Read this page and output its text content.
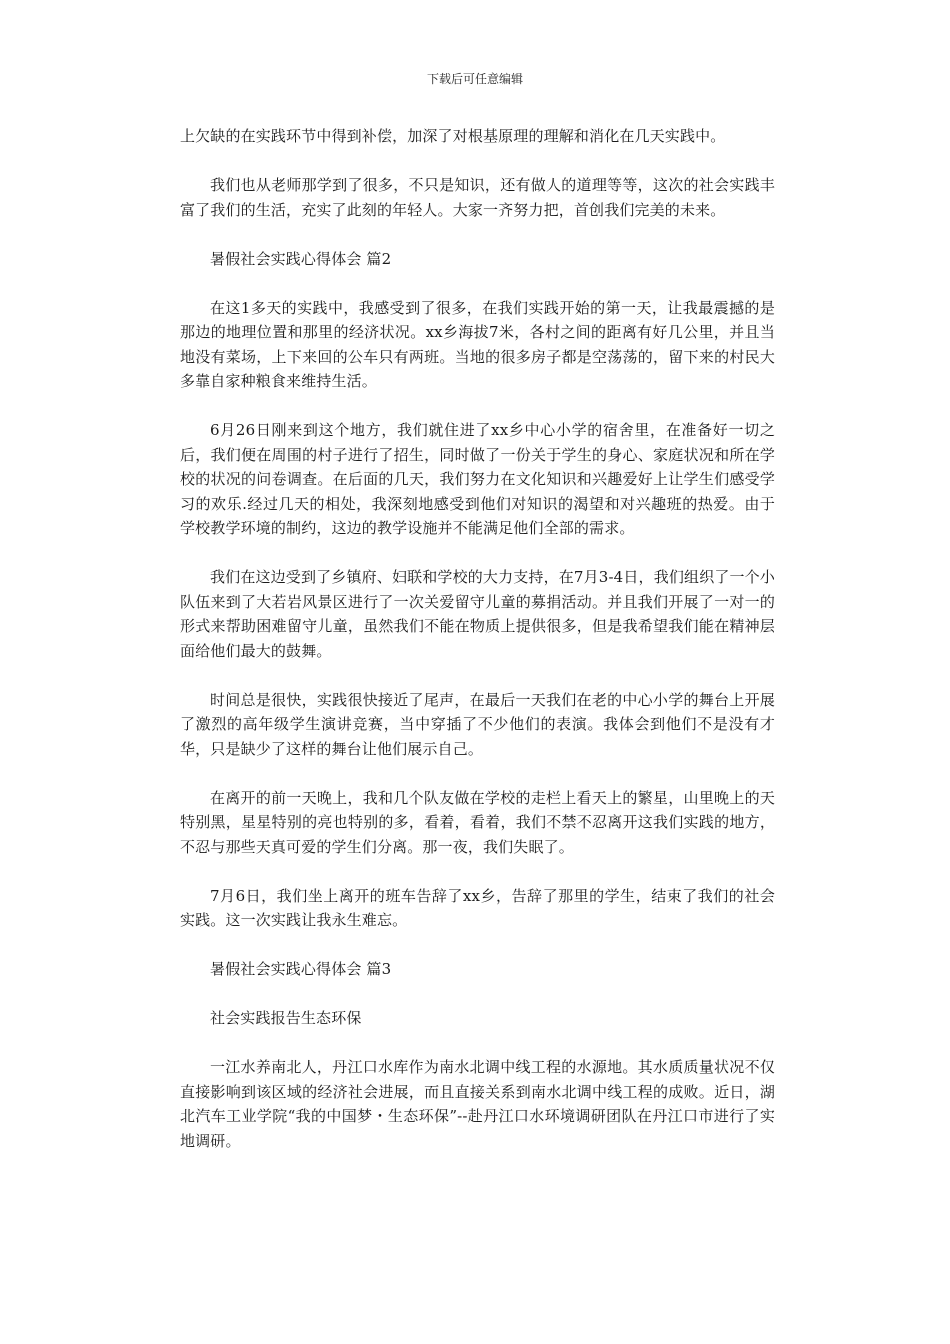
下载后可任意编辑

上欠缺的在实践环节中得到补偿，加深了对根基原理的理解和消化在几天实践中。

我们也从老师那学到了很多，不只是知识，还有做人的道理等等，这次的社会实践丰富了我们的生活，充实了此刻的年轻人。大家一齐努力把，首创我们完美的未来。

暑假社会实践心得体会 篇2

在这1多天的实践中，我感受到了很多，在我们实践开始的第一天，让我最震撼的是那边的地理位置和那里的经济状况。xx乡海拔7米，各村之间的距离有好几公里，并且当地没有菜场，上下来回的公车只有两班。当地的很多房子都是空荡荡的，留下来的村民大多靠自家种粮食来维持生活。

6月26日刚来到这个地方，我们就住进了xx乡中心小学的宿舍里，在准备好一切之后，我们便在周围的村子进行了招生，同时做了一份关于学生的身心、家庭状况和所在学校的状况的问卷调查。在后面的几天，我们努力在文化知识和兴趣爱好上让学生们感受学习的欢乐.经过几天的相处，我深刻地感受到他们对知识的渴望和对兴趣班的热爱。由于学校教学环境的制约，这边的教学设施并不能满足他们全部的需求。

我们在这边受到了乡镇府、妇联和学校的大力支持，在7月3-4日，我们组织了一个小队伍来到了大若岩风景区进行了一次关爱留守儿童的募捐活动。并且我们开展了一对一的形式来帮助困难留守儿童，虽然我们不能在物质上提供很多，但是我希望我们能在精神层面给他们最大的鼓舞。

时间总是很快，实践很快接近了尾声，在最后一天我们在老的中心小学的舞台上开展了激烈的高年级学生演讲竞赛，当中穿插了不少他们的表演。我体会到他们不是没有才华，只是缺少了这样的舞台让他们展示自己。

在离开的前一天晚上，我和几个队友做在学校的走栏上看天上的繁星，山里晚上的天特别黑，星星特别的亮也特别的多，看着，看着，我们不禁不忍离开这我们实践的地方，不忍与那些天真可爱的学生们分离。那一夜，我们失眠了。

7月6日，我们坐上离开的班车告辞了xx乡，告辞了那里的学生，结束了我们的社会实践。这一次实践让我永生难忘。

暑假社会实践心得体会 篇3

社会实践报告生态环保

一江水养南北人，丹江口水库作为南水北调中线工程的水源地。其水质质量状况不仅直接影响到该区域的经济社会进展，而且直接关系到南水北调中线工程的成败。近日，湖北汽车工业学院“我的中国梦・生态环保”--赴丹江口水环境调研团队在丹江口市进行了实地调研。
